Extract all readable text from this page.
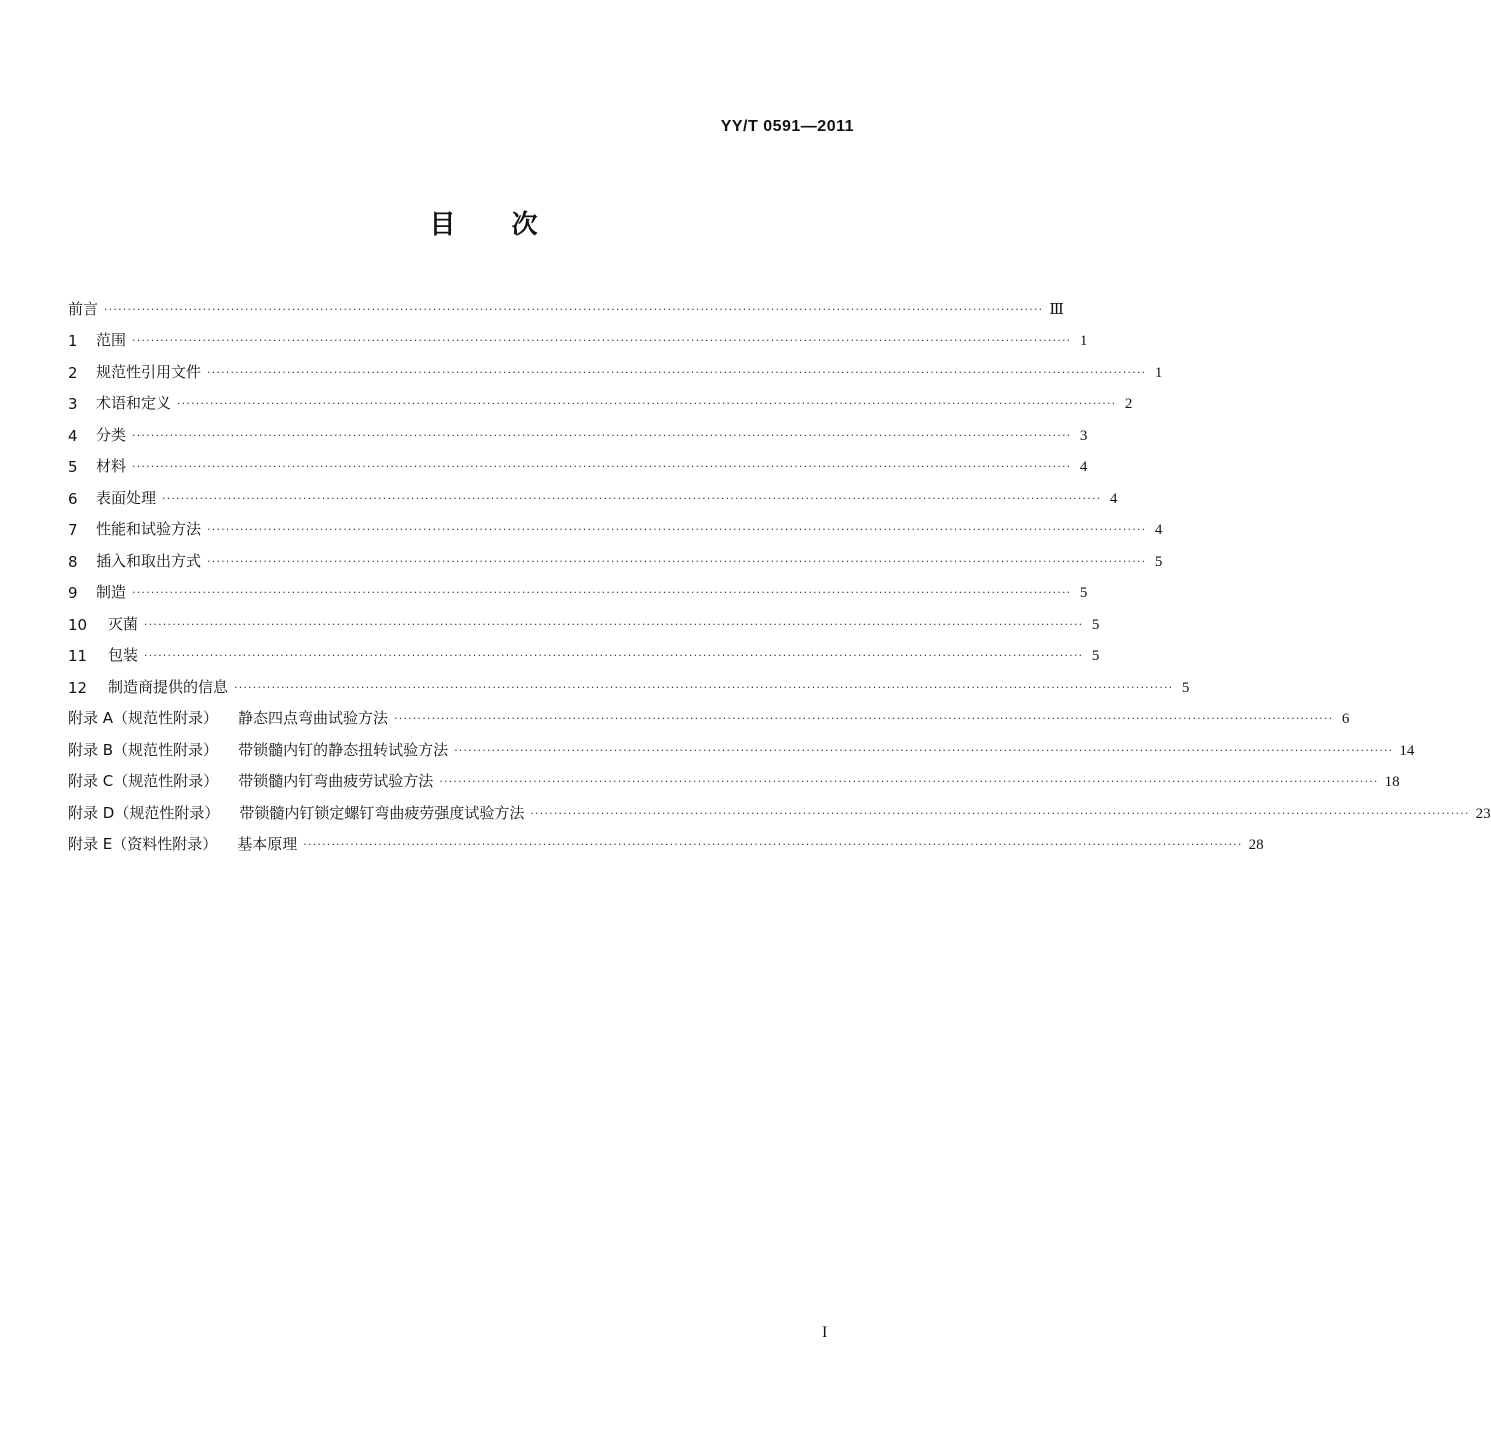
YY/T 0591—2011
目 次
前言 ········································································································································································································ Ⅲ
1	范围 ········································································································································································································ 1
2	规范性引用文件 ········································································································································································································ 1
3	术语和定义 ········································································································································································································ 2
4	分类 ········································································································································································································ 3
5	材料 ········································································································································································································ 4
6	表面处理 ········································································································································································································ 4
7	性能和试验方法 ········································································································································································································ 4
8	插入和取出方式 ········································································································································································································ 5
9	制造 ········································································································································································································ 5
10	灭菌 ········································································································································································································ 5
11	包装 ········································································································································································································ 5
12	制造商提供的信息 ········································································································································································································ 5
附录 A（规范性附录）	静态四点弯曲试验方法 ········································································································································································································ 6
附录 B（规范性附录）	带锁髓内钉的静态扭转试验方法 ········································································································································································································ 14
附录 C（规范性附录）	带锁髓内钉弯曲疲劳试验方法 ········································································································································································································ 18
附录 D（规范性附录）	带锁髓内钉锁定螺钉弯曲疲劳强度试验方法 ········································································································································································································ 23
附录 E（资料性附录）	基本原理 ········································································································································································································ 28
I
